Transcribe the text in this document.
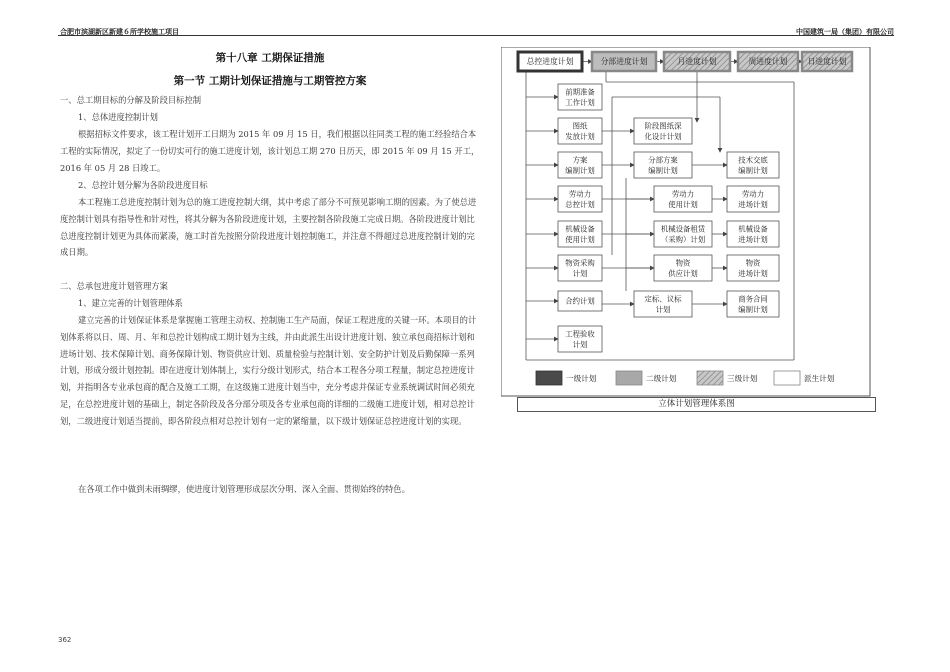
合肥市滨湖新区新建６所学校施工项目	中国建筑一局（集团）有限公司
第十八章 工期保证措施
第一节 工期计划保证措施与工期管控方案
一、总工期目标的分解及阶段目标控制
1、总体进度控制计划

根据招标文件要求，该工程计划开工日期为 2015 年 09 月 15 日，我们根据以往同类工程的施工经验结合本工程的实际情况，拟定了一份切实可行的施工进度计划，该计划总工期 270 日历天，即 2015 年 09 月 15 开工，2016 年 05 月 28 日竣工。

2、总控计划分解为各阶段进度目标

本工程施工总进度控制计划为总的施工进度控制大纲，其中考虑了部分不可预见影响工期的因素。为了使总进度控制计划具有指导性和针对性，将其分解为各阶段进度计划，主要控制各阶段施工完成日期。各阶段进度计划比总进度控制计划更为具体而紧凑，施工时首先按照分阶段进度计划控制施工，并注意不得超过总进度控制计划的完成日期。

二、总承包进度计划管理方案
1、建立完善的计划管理体系

建立完善的计划保证体系是掌握施工管理主动权、控制施工生产局面，保证工程进度的关键一环。本项目的计划体系将以日、周、月、年和总控计划构成工期计划为主线，并由此派生出设计进度计划、独立承包商招标计划和进场计划、技术保障计划、商务保障计划、物资供应计划、质量检验与控制计划、安全防护计划及后勤保障一系列计划，形成分级计划控制。即在进度计划体制上，实行分级计划形式，结合本工程各分项工程量，制定总控进度计划，并指明各专业承包商的配合及施工工期，在这级施工进度计划当中，充分考虑并保证专业系统调试时间必须充足，在总控进度计划的基础上，制定各阶段及各分部分项及各专业承包商的详细的二级施工进度计划，相对总控计划，二级进度计划适当提前，即各阶段点相对总控计划有一定的紧缩量，以下级计划保证总控进度计划的实现。

在各项工作中做到未雨绸缪，使进度计划管理形成层次分明、深入全面、贯彻始终的特色。

总控进度计划	分部进度计划	月进度计划	周进度计划	日进度计划
前期准备
工作计划
图纸
发放计划
方案
编制计划
劳动力
总控计划
机械设备
使用计划
物资采购
计划
合约计划
工程验收
计划
阶段图纸深
化设计计划
分部方案
编制计划
定标、议标
计划
劳动力
使用计划
机械设备租赁
（采购）计划
物资
供应计划
技术交底
编制计划
劳动力
进场计划
机械设备
进场计划
物资
进场计划
商务合同
编制计划
一级计划	二级计划	三级计划	派生计划
立体计划管理体系图
362
